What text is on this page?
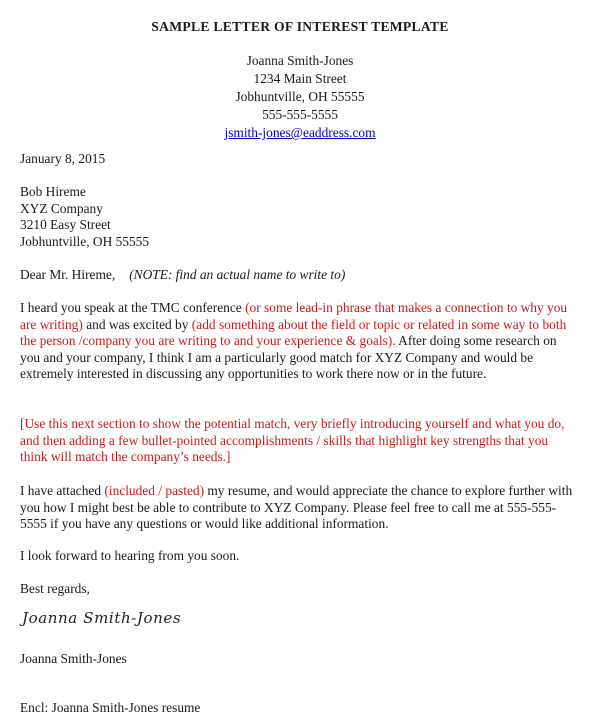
SAMPLE LETTER OF INTEREST TEMPLATE
Joanna Smith-Jones
1234 Main Street
Jobhuntville, OH 55555
555-555-5555
jsmith-jones@eaddress.com
January 8, 2015
Bob Hireme
XYZ Company
3210 Easy Street
Jobhuntville, OH 55555
Dear Mr. Hireme, (NOTE: find an actual name to write to)

I heard you speak at the TMC conference (or some lead-in phrase that makes a connection to why you are writing) and was excited by (add something about the field or topic or related in some way to both the person /company you are writing to and your experience & goals). After doing some research on you and your company, I think I am a particularly good match for XYZ Company and would be extremely interested in discussing any opportunities to work there now or in the future.

[Use this next section to show the potential match, very briefly introducing yourself and what you do, and then adding a few bullet-pointed accomplishments / skills that highlight key strengths that you think will match the company’s needs.]

I have attached (included / pasted) my resume, and would appreciate the chance to explore further with you how I might best be able to contribute to XYZ Company. Please feel free to call me at 555-555-5555 if you have any questions or would like additional information.

I look forward to hearing from you soon.
Best regards,
Joanna Smith-Jones
Joanna Smith-Jones
Encl: Joanna Smith-Jones resume
